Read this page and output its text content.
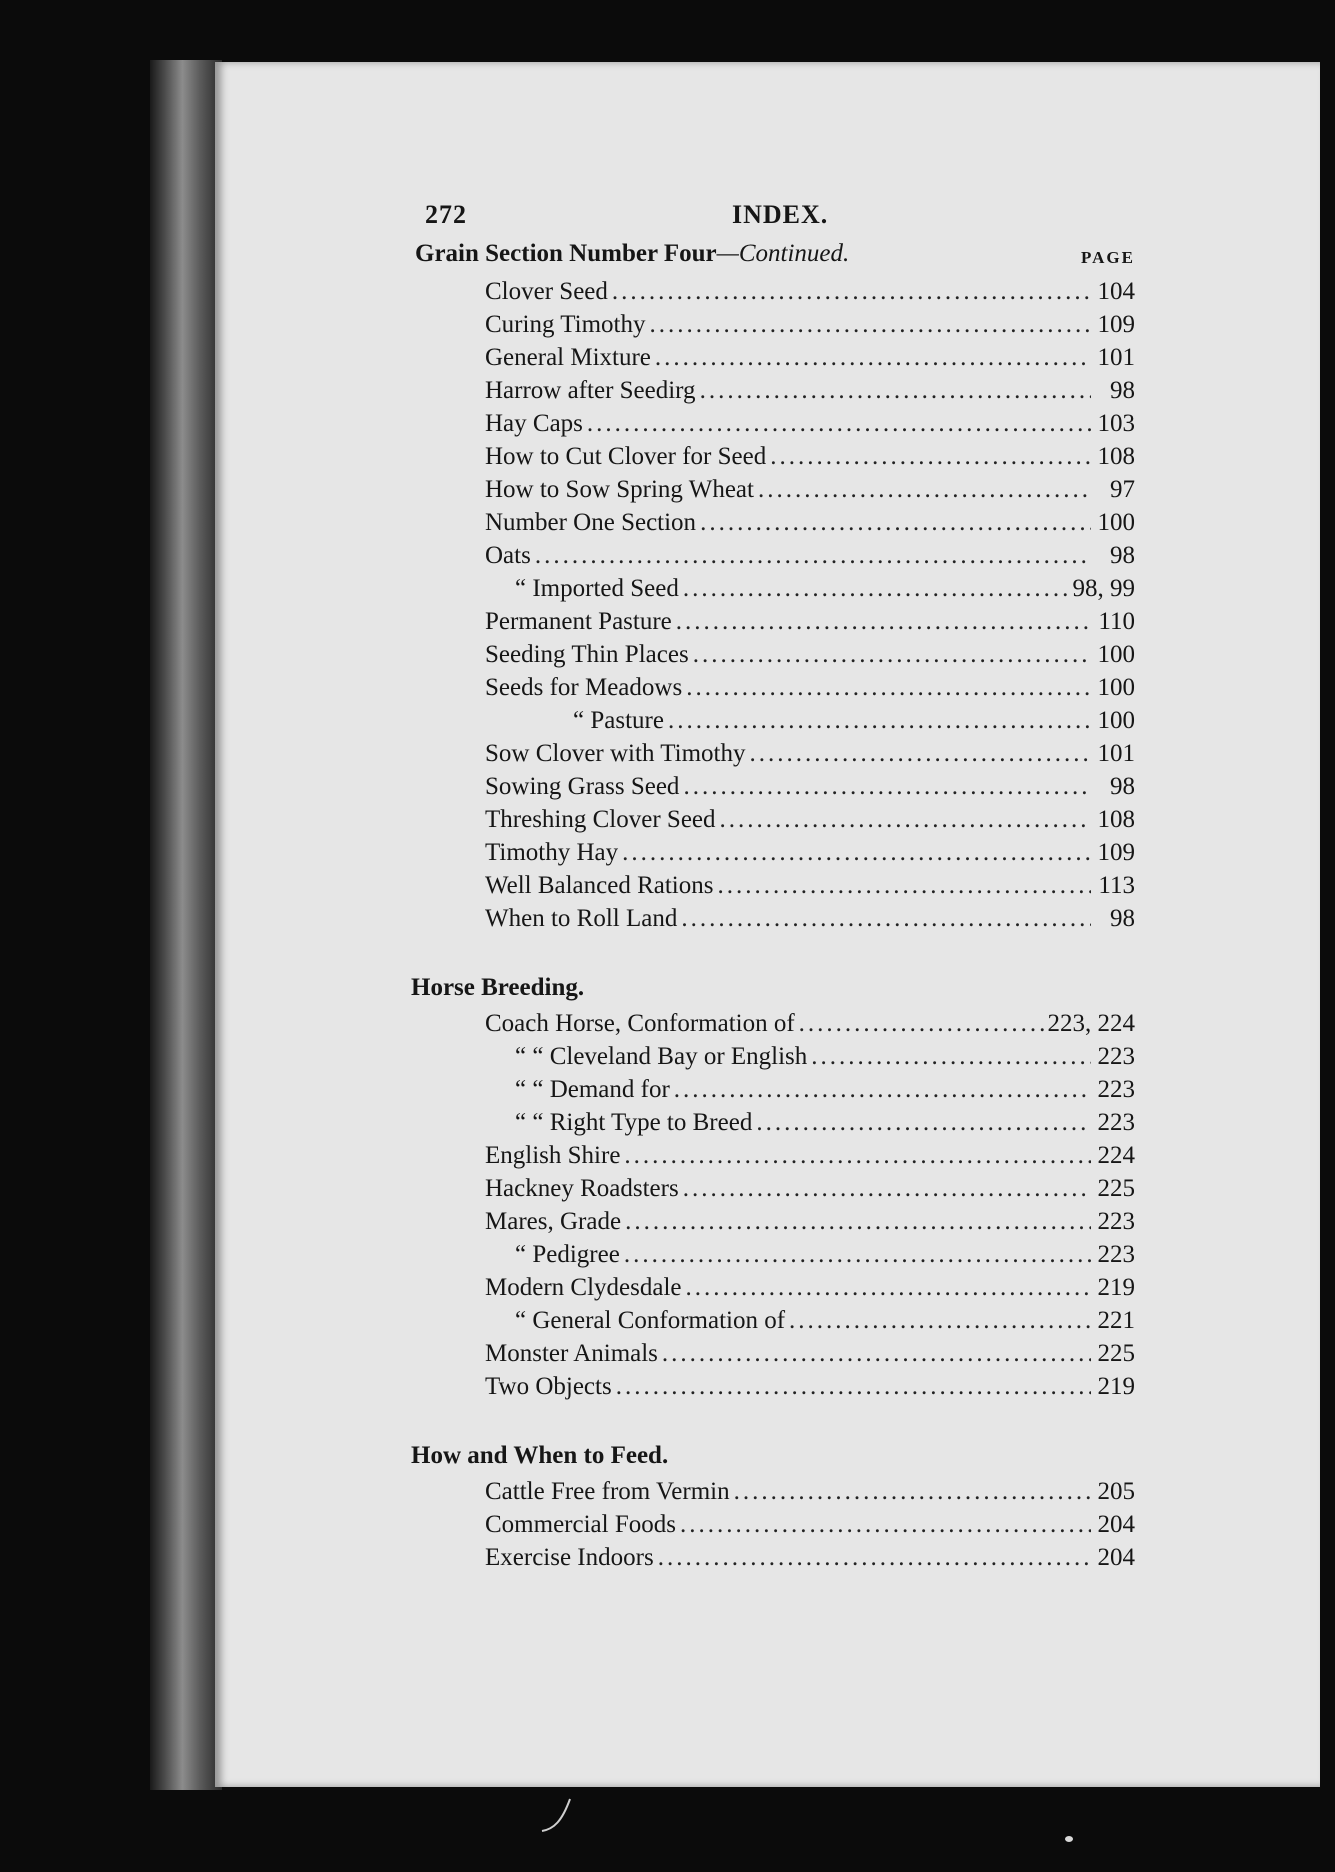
272	INDEX.
Grain Section Number Four—Continued.	PAGE
Clover Seed .....	104
Curing Timothy .....	109
General Mixture .....	101
Harrow after Seedirg .....	98
Hay Caps .....	103
How to Cut Clover for Seed .....	108
How to Sow Spring Wheat .....	97
Number One Section .....	100
Oats .....	98
“ Imported Seed .....	98, 99
Permanent Pasture .....	110
Seeding Thin Places .....	100
Seeds for Meadows .....	100
“ Pasture .....	100
Sow Clover with Timothy .....	101
Sowing Grass Seed .....	98
Threshing Clover Seed .....	108
Timothy Hay .....	109
Well Balanced Rations .....	113
When to Roll Land .....	98
Horse Breeding.
Coach Horse, Conformation of .....	223, 224
“ “ Cleveland Bay or English .....	223
“ “ Demand for .....	223
“ “ Right Type to Breed .....	223
English Shire .....	224
Hackney Roadsters .....	225
Mares, Grade .....	223
“ Pedigree .....	223
Modern Clydesdale .....	219
“ General Conformation of .....	221
Monster Animals .....	225
Two Objects .....	219
How and When to Feed.
Cattle Free from Vermin .....	205
Commercial Foods .....	204
Exercise Indoors .....	204
